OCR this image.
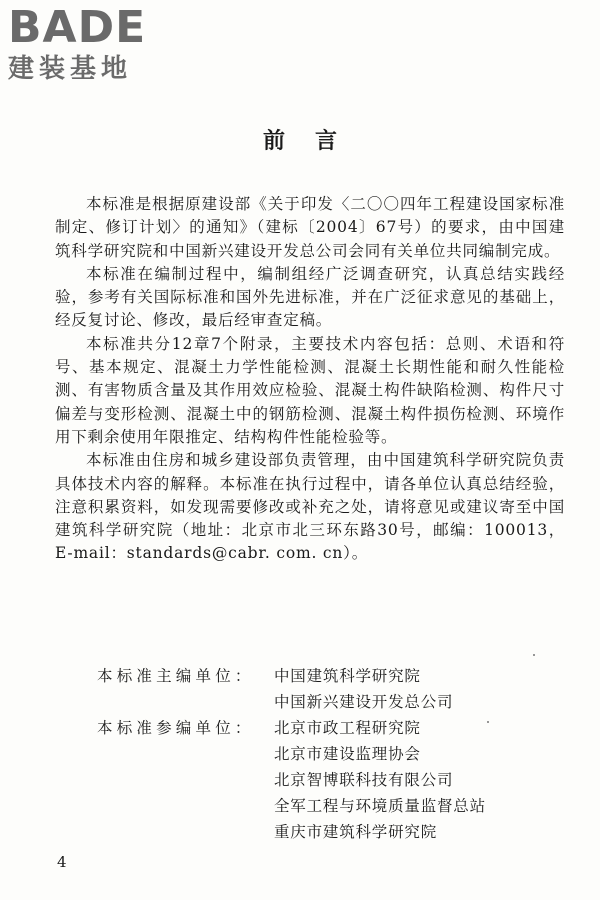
BADE
建装基地
前言

本标准是根据原建设部《关于印发〈二〇〇四年工程建设国家标准制定、修订计划〉的通知》（建标〔2004〕67号）的要求，由中国建筑科学研究院和中国新兴建设开发总公司会同有关单位共同编制完成。

本标准在编制过程中，编制组经广泛调查研究，认真总结实践经验，参考有关国际标准和国外先进标准，并在广泛征求意见的基础上，经反复讨论、修改，最后经审查定稿。

本标准共分12章7个附录，主要技术内容包括：总则、术语和符号、基本规定、混凝土力学性能检测、混凝土长期性能和耐久性能检测、有害物质含量及其作用效应检验、混凝土构件缺陷检测、构件尺寸偏差与变形检测、混凝土中的钢筋检测、混凝土构件损伤检测、环境作用下剩余使用年限推定、结构构件性能检验等。

本标准由住房和城乡建设部负责管理，由中国建筑科学研究院负责具体技术内容的解释。本标准在执行过程中，请各单位认真总结经验，注意积累资料，如发现需要修改或补充之处，请将意见或建议寄至中国建筑科学研究院（地址：北京市北三环东路30号，邮编：100013，E-mail：standards@cabr. com. cn）。

本标准主编单位：	中国建筑科学研究院
中国新兴建设开发总公司
本标准参编单位：	北京市政工程研究院
北京市建设监理协会
北京智博联科技有限公司
全军工程与环境质量监督总站
重庆市建筑科学研究院
4
